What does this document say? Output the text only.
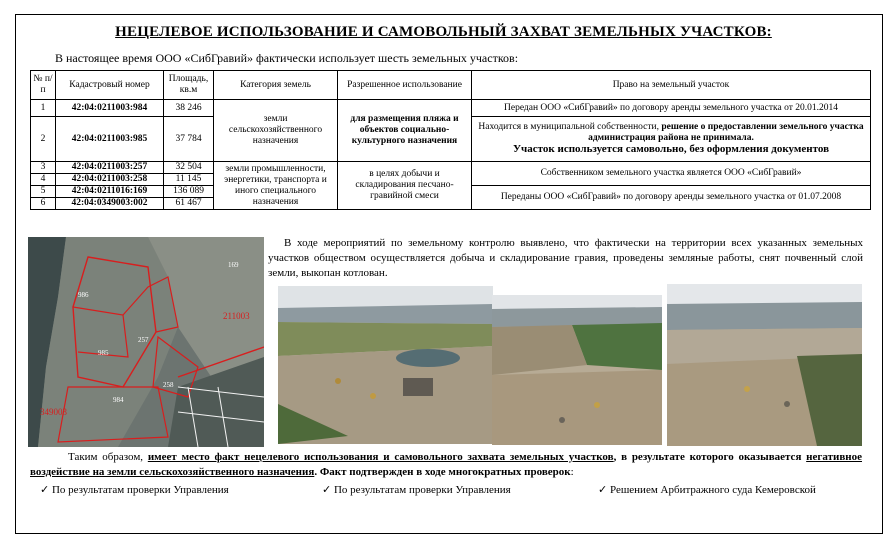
НЕЦЕЛЕВОЕ ИСПОЛЬЗОВАНИЕ И САМОВОЛЬНЫЙ ЗАХВАТ ЗЕМЕЛЬНЫХ УЧАСТКОВ:
В настоящее время ООО «СибГравий» фактически использует шесть земельных участков:
№ п/п	Кадастровый номер	Площадь, кв.м	Категория земель	Разрешенное использование	Право на земельный участок
1	42:04:0211003:984	38 246	земли сельскохозяйственного назначения	для размещения пляжа и объектов социально-культурного назначения	Передан ООО «СибГравий» по договору аренды земельного участка от 20.01.2014
2	42:04:0211003:985	37 784			Находится в муниципальной собственности, решение о предоставлении земельного участка администрация района не принимала.
Участок используется самовольно, без оформления документов
3	42:04:0211003:257	32 504	земли промышленности, энергетики, транспорта и иного специального назначения	в целях добычи и складирования песчано-гравийной смеси	Собственником земельного участка является ООО «СибГравий»
4	42:04:0211003:258	11 145			
5	42:04:0211016:169	136 089			Переданы ООО «СибГравий» по договору аренды земельного участка от 01.07.2008
6	42:04:0349003:002	61 467			
986
211003
985
257
258
984
349003
169
В ходе мероприятий по земельному контролю выявлено, что фактически на территории всех указанных земельных участков обществом осуществляется добыча и складирование гравия, проведены земляные работы, снят почвенный слой земли, выкопан котлован.
Таким образом, имеет место факт нецелевого использования и самовольного захвата земельных участков, в результате которого оказывается негативное воздействие на земли сельскохозяйственного назначения. Факт подтвержден в ходе многократных проверок:
✓ По результатам проверки Управления	✓ По результатам проверки Управления	✓ Решением Арбитражного суда Кемеровской
